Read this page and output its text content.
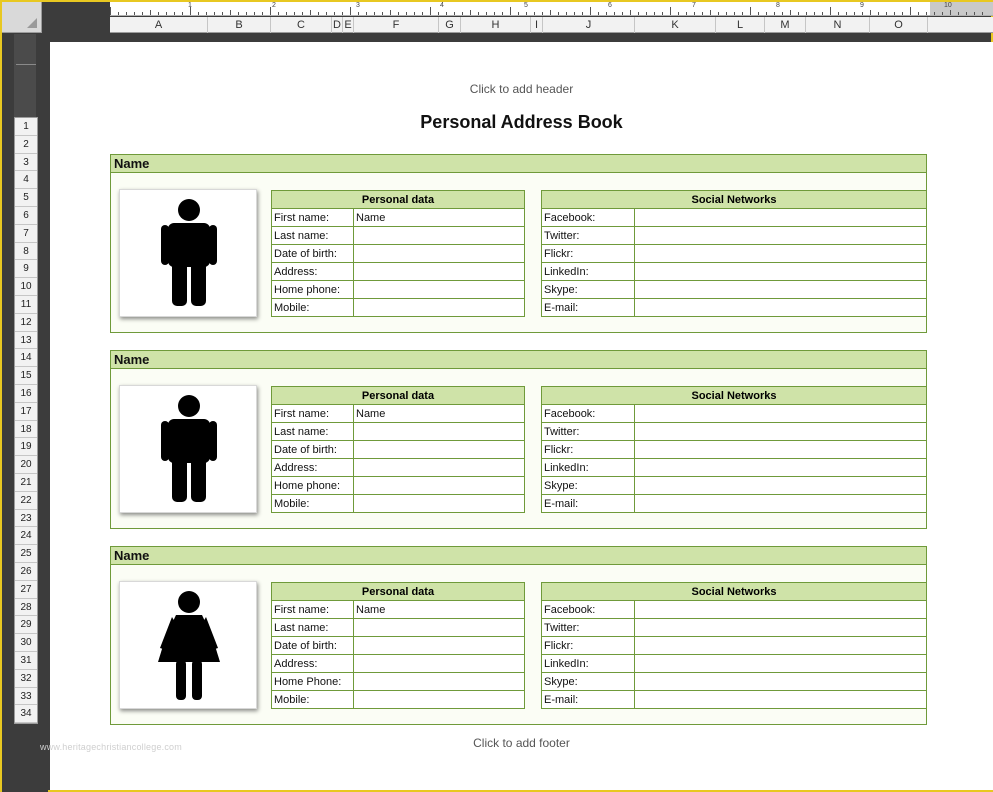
1	2	3	4	5	6	7	8	9	10
A	B	C	D E	F	G	H	I	J	K	L	M	N	O
1
2
3
4
5
6
7
8
9
10
11
12
13
14
15
16
17
18
19
20
21
22
23
24
25
26
27
28
29
30
31
32
33
34
Click to add header
Personal Address Book
Name
Personal data	
First name:	Name
Last name:	
Date of birth:	
Address:	
Home phone:	
Mobile:	
Social Networks	
Facebook:	
Twitter:	
Flickr:	
LinkedIn:	
Skype:	
E-mail:	
Name
Personal data	
First name:	Name
Last name:	
Date of birth:	
Address:	
Home phone:	
Mobile:	
Social Networks	
Facebook:	
Twitter:	
Flickr:	
LinkedIn:	
Skype:	
E-mail:	
Name
Personal data	
First name:	Name
Last name:	
Date of birth:	
Address:	
Home Phone:	
Mobile:	
Social Networks	
Facebook:	
Twitter:	
Flickr:	
LinkedIn:	
Skype:	
E-mail:	
Click to add footer
www.heritagechristiancollege.com
